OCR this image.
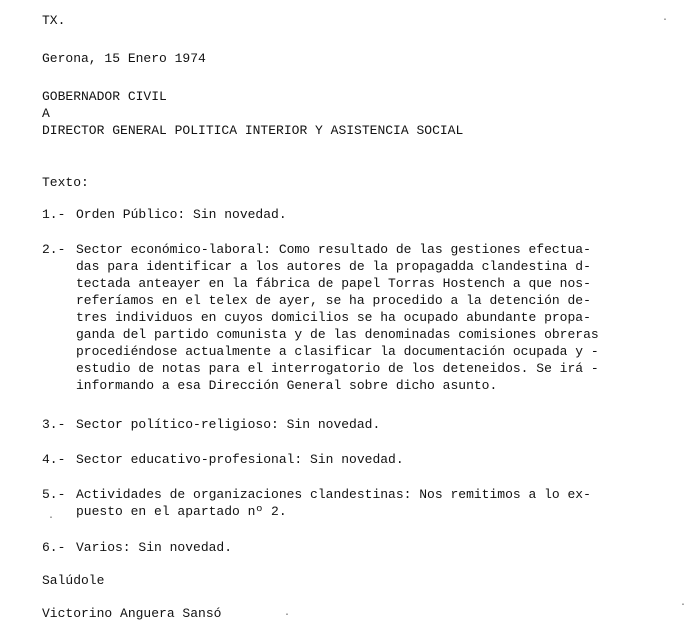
TX.
Gerona, 15 Enero 1974
GOBERNADOR CIVIL
A
DIRECTOR GENERAL POLITICA INTERIOR Y ASISTENCIA SOCIAL
Texto:
1.- Orden Público: Sin novedad.
2.- Sector económico-laboral: Como resultado de las gestiones efectua-
das para identificar a los autores de la propagadda clandestina d-
tectada anteayer en la fábrica de papel Torras Hostench a que nos-
referíamos en el telex de ayer, se ha procedido a la detención de-
tres individuos en cuyos domicilios se ha ocupado abundante propa-
ganda del partido comunista y de las denominadas comisiones obreras
procediéndose actualmente a clasificar la documentación ocupada y -
estudio de notas para el interrogatorio de los deteneidos. Se irá -
informando a esa Dirección General sobre dicho asunto.
3.- Sector político-religioso: Sin novedad.
4.- Sector educativo-profesional: Sin novedad.
5.- Actividades de organizaciones clandestinas: Nos remitimos a lo ex-
puesto en el apartado nº 2.
6.- Varios: Sin novedad.
Salúdole
Victorino Anguera Sansó
·
·
·
·
